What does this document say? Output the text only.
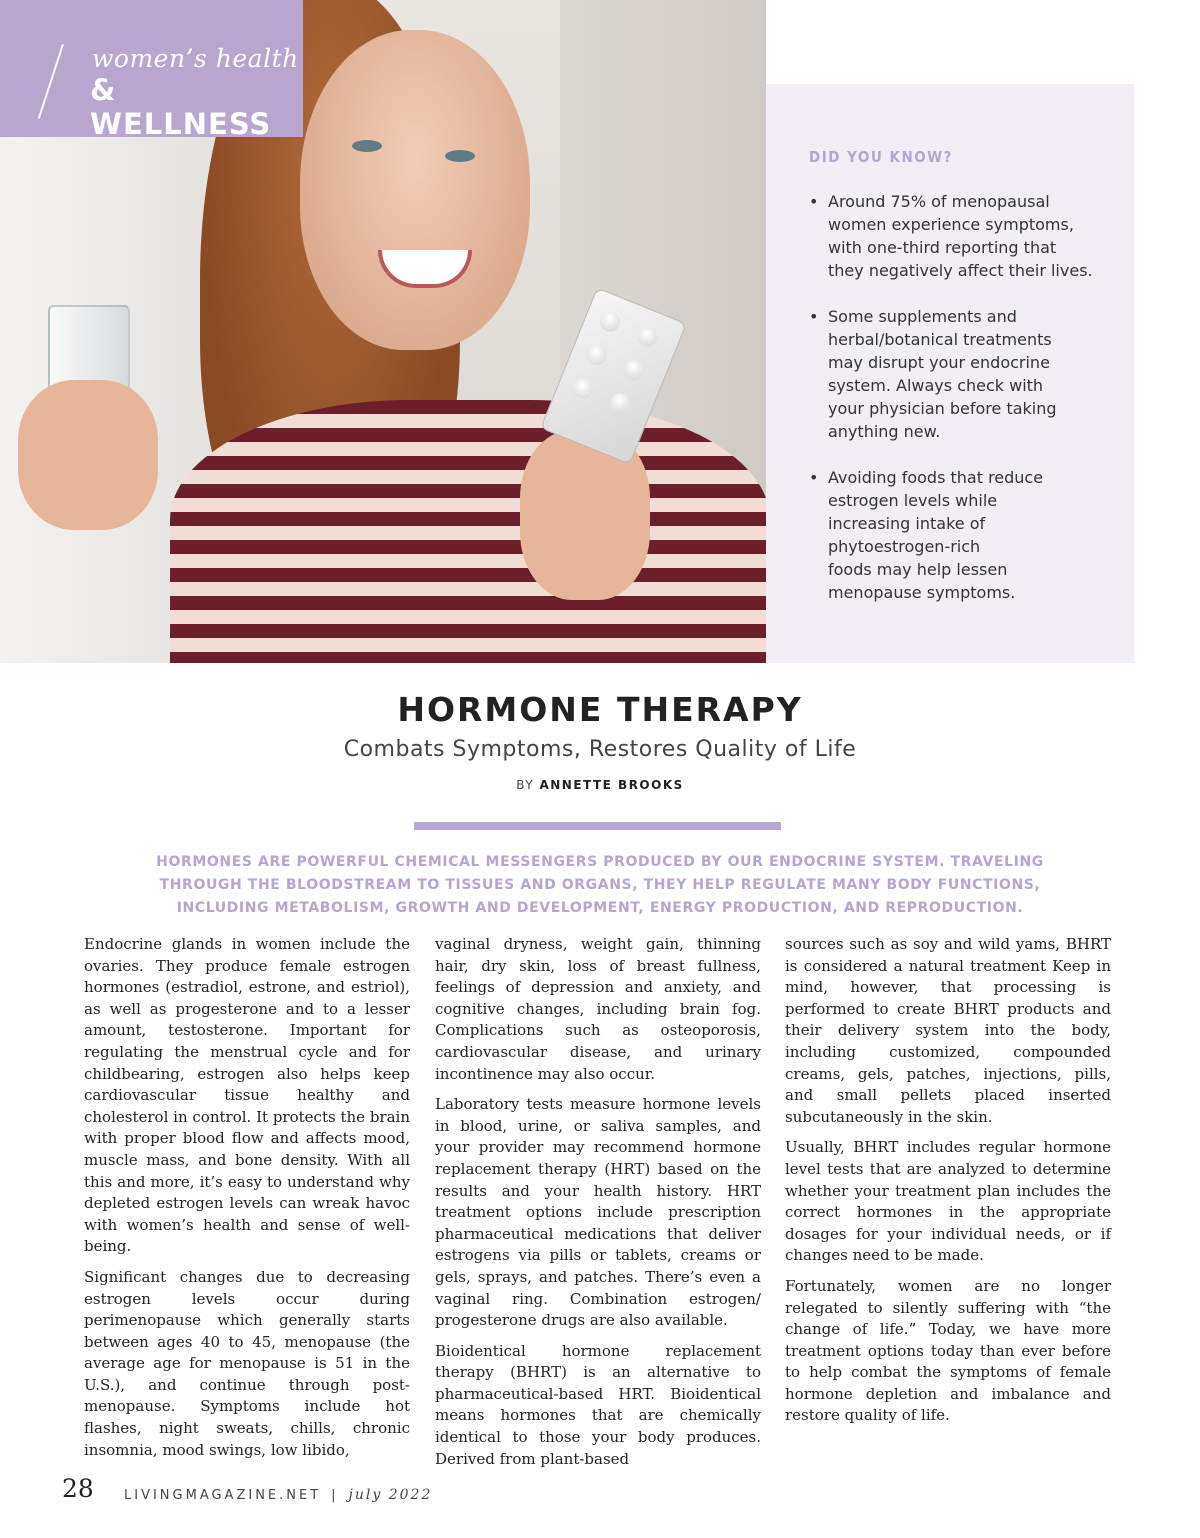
women’s health
& WELLNESS
DID YOU KNOW?
• Around 75% of menopausal
women experience symptoms,
with one-third reporting that
they negatively affect their lives.
• Some supplements and
herbal/botanical treatments
may disrupt your endocrine
system. Always check with
your physician before taking
anything new.
• Avoiding foods that reduce
estrogen levels while
increasing intake of
phytoestrogen-rich
foods may help lessen
menopause symptoms.
HORMONE THERAPY
Combats Symptoms, Restores Quality of Life
BY ANNETTE BROOKS
HORMONES ARE POWERFUL CHEMICAL MESSENGERS PRODUCED BY OUR ENDOCRINE SYSTEM. TRAVELING THROUGH THE BLOODSTREAM TO TISSUES AND ORGANS, THEY HELP REGULATE MANY BODY FUNCTIONS, INCLUDING METABOLISM, GROWTH AND DEVELOPMENT, ENERGY PRODUCTION, AND REPRODUCTION.

Endocrine glands in women include the ovaries. They produce female estrogen hormones (estradiol, estrone, and estriol), as well as progesterone and to a lesser amount, testosterone. Important for regulating the menstrual cycle and for childbearing, estrogen also helps keep cardiovascular tissue healthy and cholesterol in control. It protects the brain with proper blood flow and affects mood, muscle mass, and bone density. With all this and more, it’s easy to understand why depleted estrogen levels can wreak havoc with women’s health and sense of well-being.

Significant changes due to decreasing estrogen levels occur during perimenopause which generally starts between ages 40 to 45, menopause (the average age for menopause is 51 in the U.S.), and continue through post-menopause. Symptoms include hot flashes, night sweats, chills, chronic insomnia, mood swings, low libido,

vaginal dryness, weight gain, thinning hair, dry skin, loss of breast fullness, feelings of depression and anxiety, and cognitive changes, including brain fog. Complications such as osteoporosis, cardiovascular disease, and urinary incontinence may also occur.

Laboratory tests measure hormone levels in blood, urine, or saliva samples, and your provider may recommend hormone replacement therapy (HRT) based on the results and your health history. HRT treatment options include prescription pharmaceutical medications that deliver estrogens via pills or tablets, creams or gels, sprays, and patches. There’s even a vaginal ring. Combination estrogen/ progesterone drugs are also available.

Bioidentical hormone replacement therapy (BHRT) is an alternative to pharmaceutical-based HRT. Bioidentical means hormones that are chemically identical to those your body produces. Derived from plant-based

sources such as soy and wild yams, BHRT is considered a natural treatment Keep in mind, however, that processing is performed to create BHRT products and their delivery system into the body, including customized, compounded creams, gels, patches, injections, pills, and small pellets placed inserted subcutaneously in the skin.

Usually, BHRT includes regular hormone level tests that are analyzed to determine whether your treatment plan includes the correct hormones in the appropriate dosages for your individual needs, or if changes need to be made.

Fortunately, women are no longer relegated to silently suffering with “the change of life.” Today, we have more treatment options today than ever before to help combat the symptoms of female hormone depletion and imbalance and restore quality of life.

28 LIVINGMAGAZINE.NET | july 2022
